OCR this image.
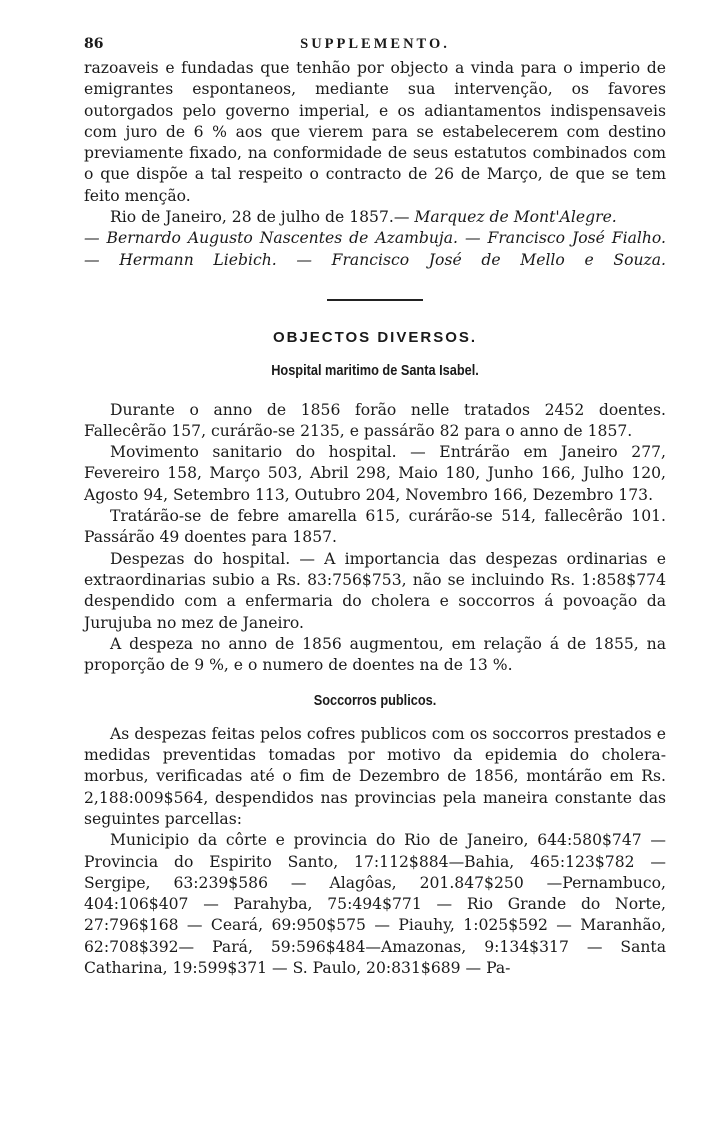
86	SUPPLEMENTO.

razoaveis e fundadas que tenhão por objecto a vinda para o imperio de emigrantes espontaneos, mediante sua intervenção, os favores outorgados pelo governo imperial, e os adiantamentos indispensaveis com juro de 6 % aos que vierem para se estabelecerem com destino previamente fixado, na conformidade de seus estatutos combinados com o que dispõe a tal respeito o contracto de 26 de Março, de que se tem feito menção.

Rio de Janeiro, 28 de julho de 1857.— Marquez de Mont'Alegre.

— Bernardo Augusto Nascentes de Azambuja. — Francisco José Fialho. — Hermann Liebich. — Francisco José de Mello e Souza.

OBJECTOS DIVERSOS.
Hospital maritimo de Santa Isabel.

Durante o anno de 1856 forão nelle tratados 2452 doentes. Fallecêrão 157, curárão-se 2135, e passárão 82 para o anno de 1857.

Movimento sanitario do hospital. — Entrárão em Janeiro 277, Fevereiro 158, Março 503, Abril 298, Maio 180, Junho 166, Julho 120, Agosto 94, Setembro 113, Outubro 204, Novembro 166, Dezembro 173.

Tratárão-se de febre amarella 615, curárão-se 514, fallecêrão 101. Passárão 49 doentes para 1857.

Despezas do hospital. — A importancia das despezas ordinarias e extraordinarias subio a Rs. 83:756$753, não se incluindo Rs. 1:858$774 despendido com a enfermaria do cholera e soccorros á povoação da Jurujuba no mez de Janeiro.

A despeza no anno de 1856 augmentou, em relação á de 1855, na proporção de 9 %, e o numero de doentes na de 13 %.

Soccorros publicos.

As despezas feitas pelos cofres publicos com os soccorros prestados e medidas preventidas tomadas por motivo da epidemia do cholera-morbus, verificadas até o fim de Dezembro de 1856, montárão em Rs. 2,188:009$564, despendidos nas provincias pela maneira constante das seguintes parcellas:

Municipio da côrte e provincia do Rio de Janeiro, 644:580$747 — Provincia do Espirito Santo, 17:112$884—Bahia, 465:123$782 — Sergipe, 63:239$586 — Alagôas, 201.847$250 —Pernambuco, 404:106$407 — Parahyba, 75:494$771 — Rio Grande do Norte, 27:796$168 — Ceará, 69:950$575 — Piauhy, 1:025$592 — Maranhão, 62:708$392— Pará, 59:596$484—Amazonas, 9:134$317 — Santa Catharina, 19:599$371 — S. Paulo, 20:831$689 — Pa-
